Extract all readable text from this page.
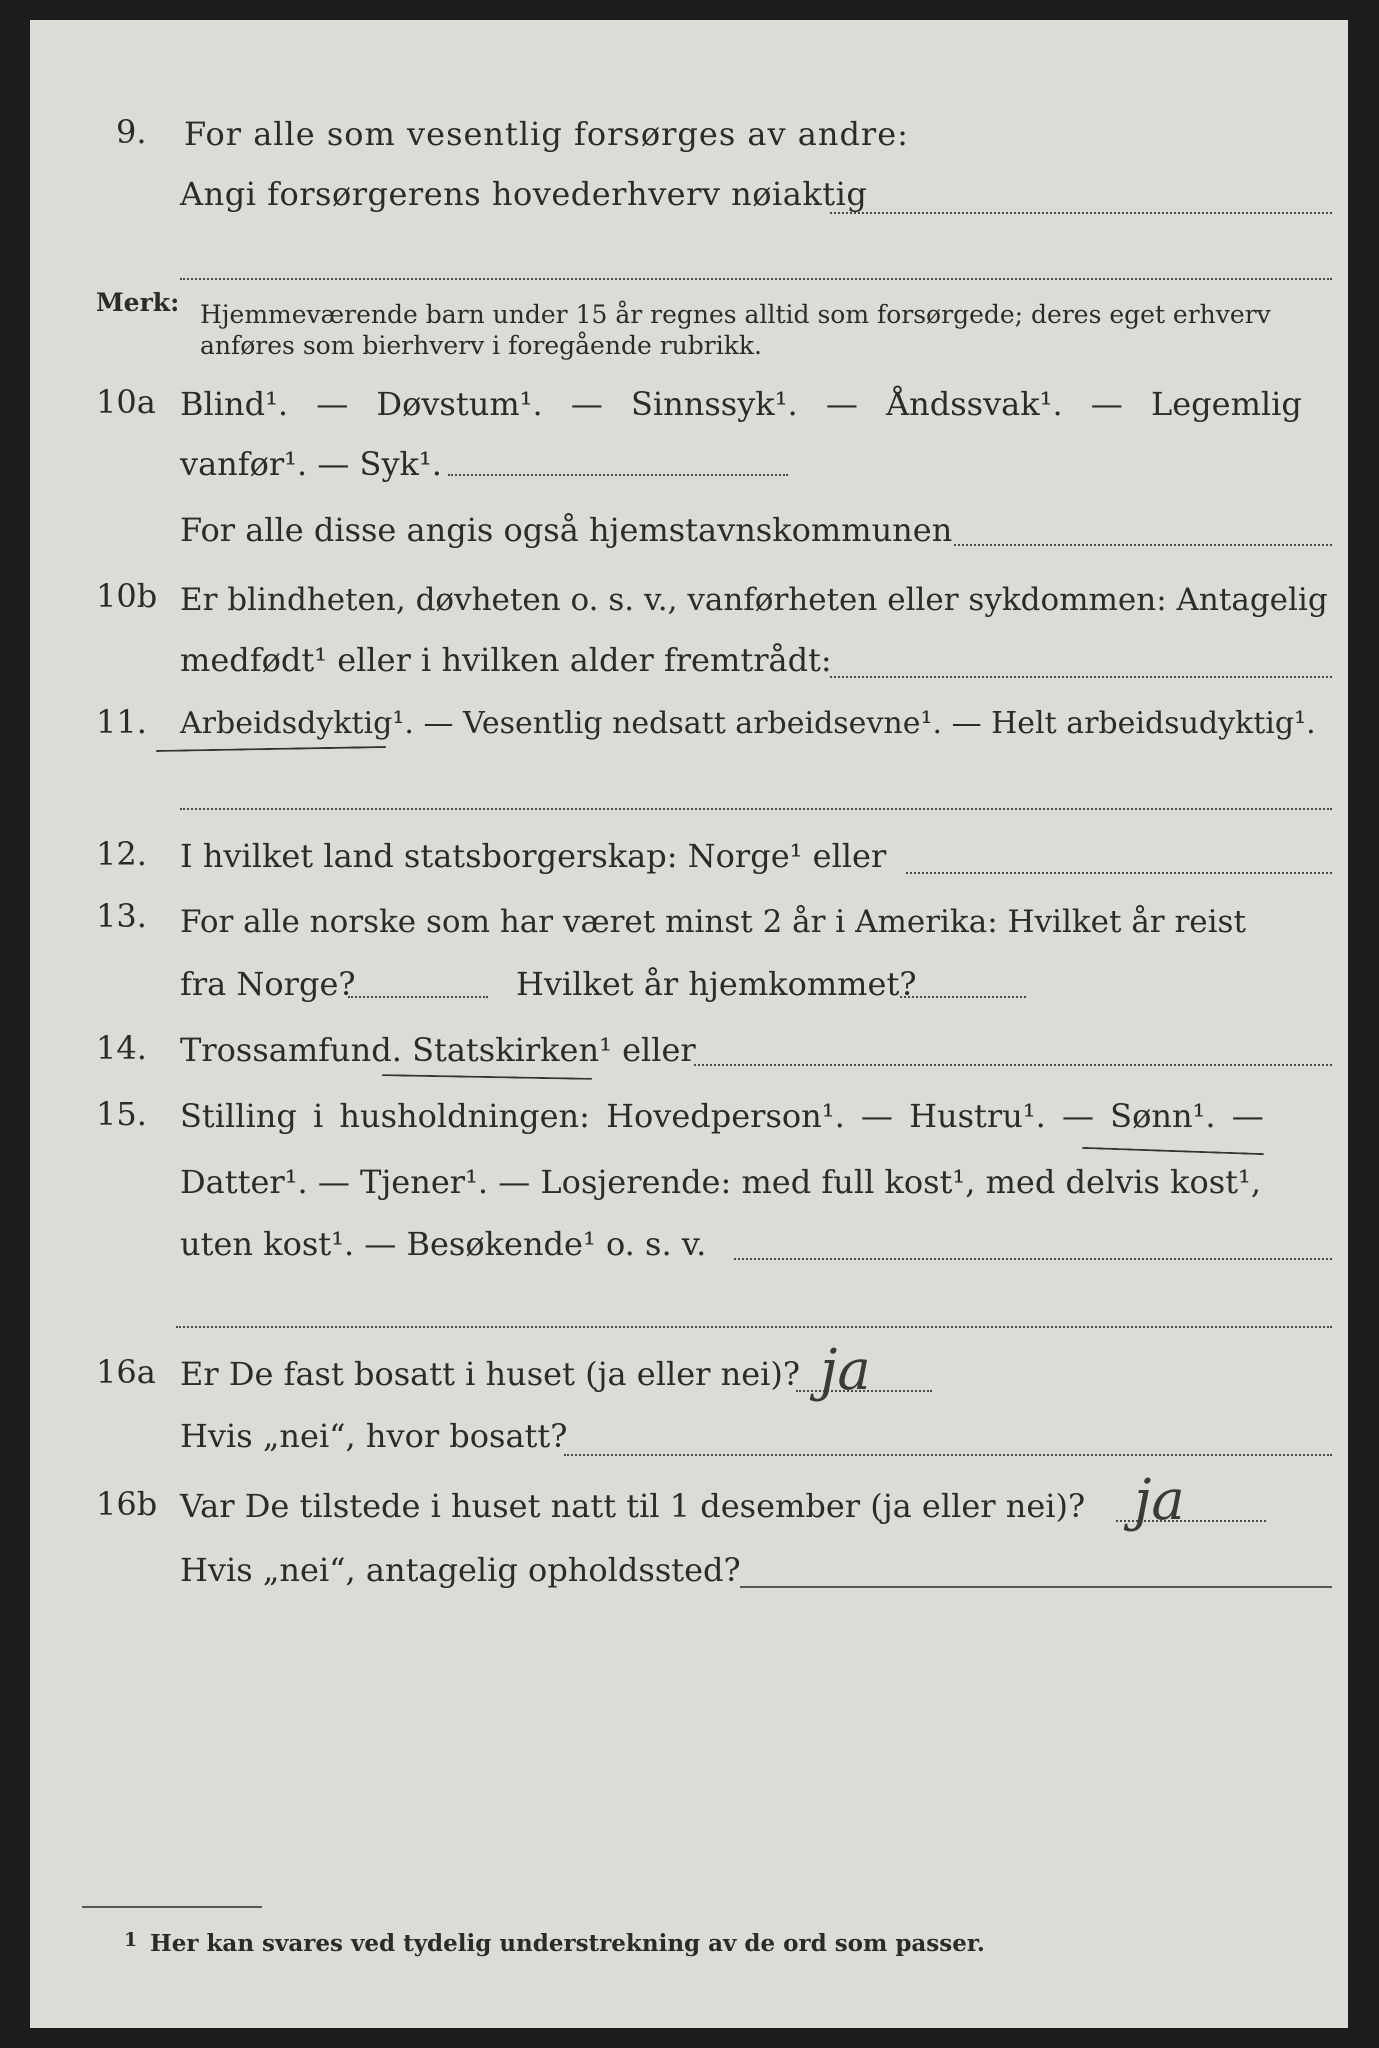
9. For alle som vesentlig forsørges av andre:
Angi forsørgerens hovederhverv nøiaktig
Merk: Hjemmeværende barn under 15 år regnes alltid som forsørgede; deres eget erhverv
anføres som bierhverv i foregående rubrikk.
10a Blind¹. — Døvstum¹. — Sinnssyk¹. — Åndssvak¹. — Legemlig
vanfør¹. — Syk¹.
For alle disse angis også hjemstavnskommunen
10b Er blindheten, døvheten o. s. v., vanførheten eller sykdommen: Antagelig
medfødt¹ eller i hvilken alder fremtrådt:
11. Arbeidsdyktig¹. — Vesentlig nedsatt arbeidsevne¹. — Helt arbeidsudyktig¹.
12. I hvilket land statsborgerskap: Norge¹ eller
13. For alle norske som har været minst 2 år i Amerika: Hvilket år reist
fra Norge?	Hvilket år hjemkommet?
14. Trossamfund. Statskirken¹ eller
15. Stilling i husholdningen: Hovedperson¹. — Hustru¹. — Sønn¹. —
Datter¹. — Tjener¹. — Losjerende: med full kost¹, med delvis kost¹,
uten kost¹. — Besøkende¹ o. s. v.
16a Er De fast bosatt i huset (ja eller nei)? ja
Hvis „nei“, hvor bosatt?
16b Var De tilstede i huset natt til 1 desember (ja eller nei)? ja
Hvis „nei“, antagelig opholdssted?
1 Her kan svares ved tydelig understrekning av de ord som passer.
